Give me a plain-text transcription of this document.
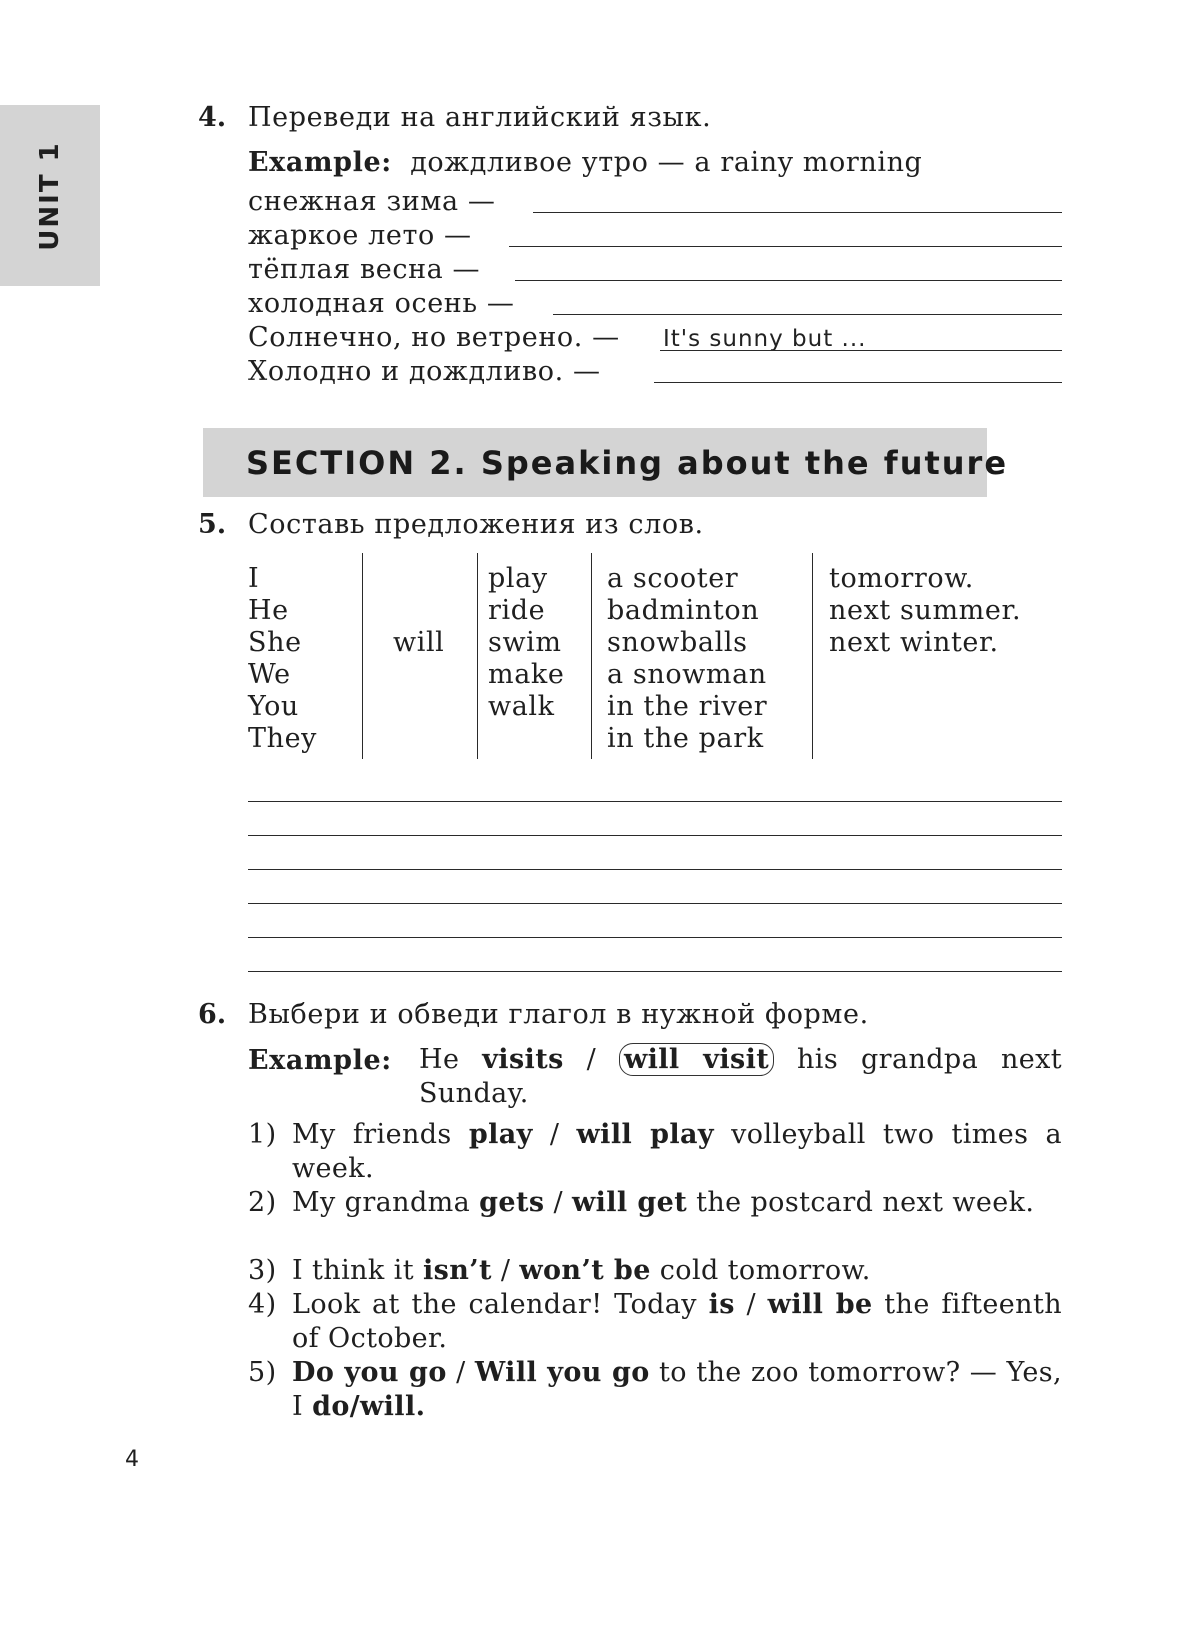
UNIT 1
4. Переведи на английский язык.
Example: дождливое утро — a rainy morning
снежная зима —
жаркое лето —
тёплая весна —
холодная осень —
Солнечно, но ветрено. — It's sunny but ...
Холодно и дождливо. —
SECTION 2. Speaking about the future
5. Составь предложения из слов.
I
He
She
We
You
They
will
play
ride
swim
make
walk
a scooter
badminton
snowballs
a snowman
in the river
in the park
tomorrow.
next summer.
next winter.
6. Выбери и обведи глагол в нужной форме.
Example: He visits / will visit his grandpa next
Sunday.
1) My friends play / will play volleyball two times a week.
2) My grandma gets / will get the postcard next week.
3) I think it isn’t / won’t be cold tomorrow.
4) Look at the calendar! Today is / will be the fifteenth of October.
5) Do you go / Will you go to the zoo tomorrow? — Yes, I do/will.
4
